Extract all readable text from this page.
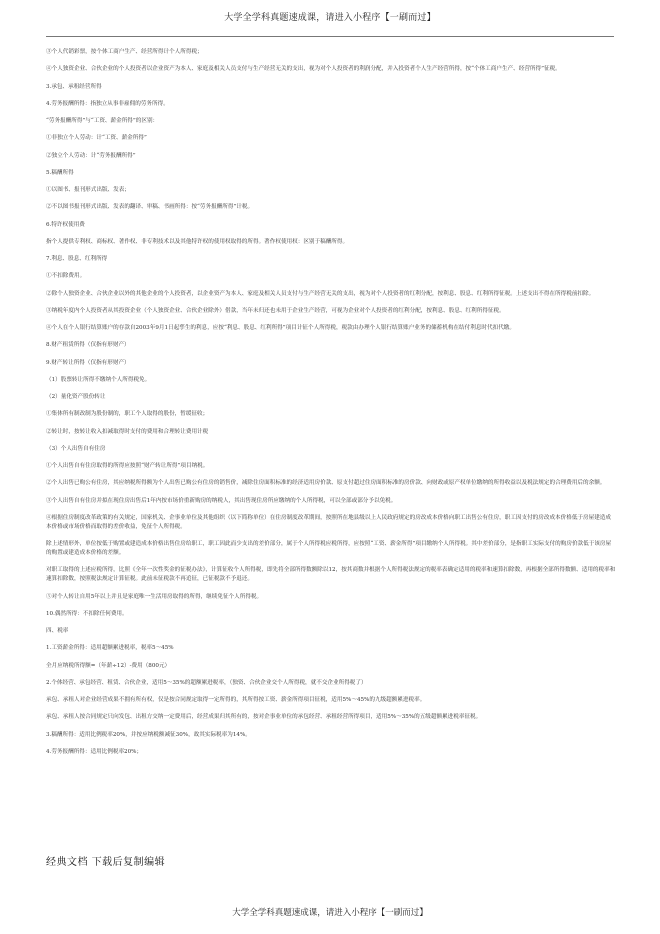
大学全学科真题速成课，请进入小程序【一刷而过】

③个人代销彩票，按个体工商户生产、经营所得计个人所得税；

④个人独资企业、合伙企业的个人投资者以企业资产为本人、家庭及相关人员支付与生产经营无关的支出，视为对个人投资者的利润分配，并入投资者个人生产经营所得，按“个体工商户生产、经营所得”征税。

3.承包、承租经营所得

4.劳务报酬所得：指独立从事非雇佣的劳务所得。

“劳务报酬所得”与“工资、薪金所得”的区别：

①非独立个人劳动：计“工资、薪金所得”

②独立个人劳动：计“劳务报酬所得”

5.稿酬所得

①以图书、报刊形式出版、发表；

②不以图书报刊形式出版、发表的翻译、审稿、书画所得：按“劳务报酬所得”计税。

6.特许权使用费

指个人提供专利权、商标权、著作权、非专利技术以及其他特许权的使用权取得的所得。著作权使用权：区别于稿酬所得。

7.利息、股息、红利所得

①不扣除费用。

②除个人独资企业、合伙企业以外的其他企业的个人投资者，以企业资产为本人、家庭及相关人员支付与生产经营无关的支出，视为对个人投资者的红利分配，按利息、股息、红利所得征税。上述支出不得在所得税前扣除。

③纳税年度内个人投资者从其投资企业（个人独资企业、合伙企业除外）借款，当年未归还也未用于企业生产经营，可视为企业对个人投资者的红利分配，按利息、股息、红利所得征税。

④个人在个人银行结算账户的存款自2003年9月1日起孳生的利息，应按“利息、股息、红利所得”项目计征个人所得税，税款由办理个人银行结算账户业务的储蓄机构在结付利息时代扣代缴。

8.财产租赁所得（仅指有形财产）

9.财产转让所得（仅指有形财产）

（1）股票转让所得不缴纳个人所得税免。

（2）量化资产股份转让

①集体所有制改制为股份制的，职工个人取得的股份，暂缓征收；

②转让时，按转让收入扣减取得时支付的费用和合理转让费用计税

（3）个人出售自有住房

①个人出售自有住房取得的所得应按照“财产转让所得”项目纳税。

②个人出售已购公有住房，其应纳税所得额为个人出售已购公有住房的销售价，减除住房面积标准的经济适用房价款、原支付超过住房面积标准的房价款、向财政或原产权单位缴纳的所得收益以及税法规定的合理费用后的余额。

③个人出售自有住房并拟在现住房出售后1年内按市场价重新购房的纳税人，其出售现住房所应缴纳的个人所得税，可以全部或部分予以免税。

④根据住房制度改革政策的有关规定，国家机关、企事业单位及其他组织（以下简称单位）在住房制度改革期间，按照所在地县级以上人民政府规定的房改成本价格向职工出售公有住房，职工因支付的房改成本价格低于房屋建造成本价格或市场价格而取得的差价收益，免征个人所得税。

除上述情形外，单位按低于购置或建造成本价格出售住房给职工，职工因此而少支出的差价部分，属于个人所得税应税所得，应按照“工资、薪金所得”项目缴纳个人所得税。其中差价部分，是指职工实际支付的购房价款低于该房屋的购置或建造成本价格的差额。

对职工取得的上述应税所得，比照《全年一次性奖金的征税办法》，计算征收个人所得税，即先将全部所得数额除以12，按其商数并根据个人所得税法规定的税率表确定适用的税率和速算扣除数，再根据全部所得数额、适用的税率和速算扣除数，按照税法规定计算征税。此前未征税款不再追征，已征税款不予退还。

⑤对个人转让自用5年以上并且是家庭唯一生活用房取得的所得，继续免征个人所得税。

10.偶然所得：不扣除任何费用。

四、税率

1.工资薪金所得：适用超额累进税率，税率5～45%

全月应纳税所得额=（年薪÷12）-费用（800元）

2.个体经营、承包经营、租赁、合伙企业，适用5～35%的超额累进税率，（独资、合伙企业交个人所得税，就不交企业所得税了）

承包、承租人对企业经营成果不拥有所有权，仅是按合同规定取得一定所得的，其所得按工资、薪金所得项目征税，适用5%～45%的九级超额累进税率。

承包、承租人按合同规定只向发包、出租方交纳一定费用后，经营成果归其所有的，按对企事业单位的承包经营、承租经营所得项目，适用5%～35%的五级超额累进税率征税。

3.稿酬所得：适用比例税率20%，并按应纳税额减征30%，故其实际税率为14%。

4.劳务报酬所得：适用比例税率20%；

经典文档 下载后复制编辑
大学全学科真题速成课，请进入小程序【一刷而过】
